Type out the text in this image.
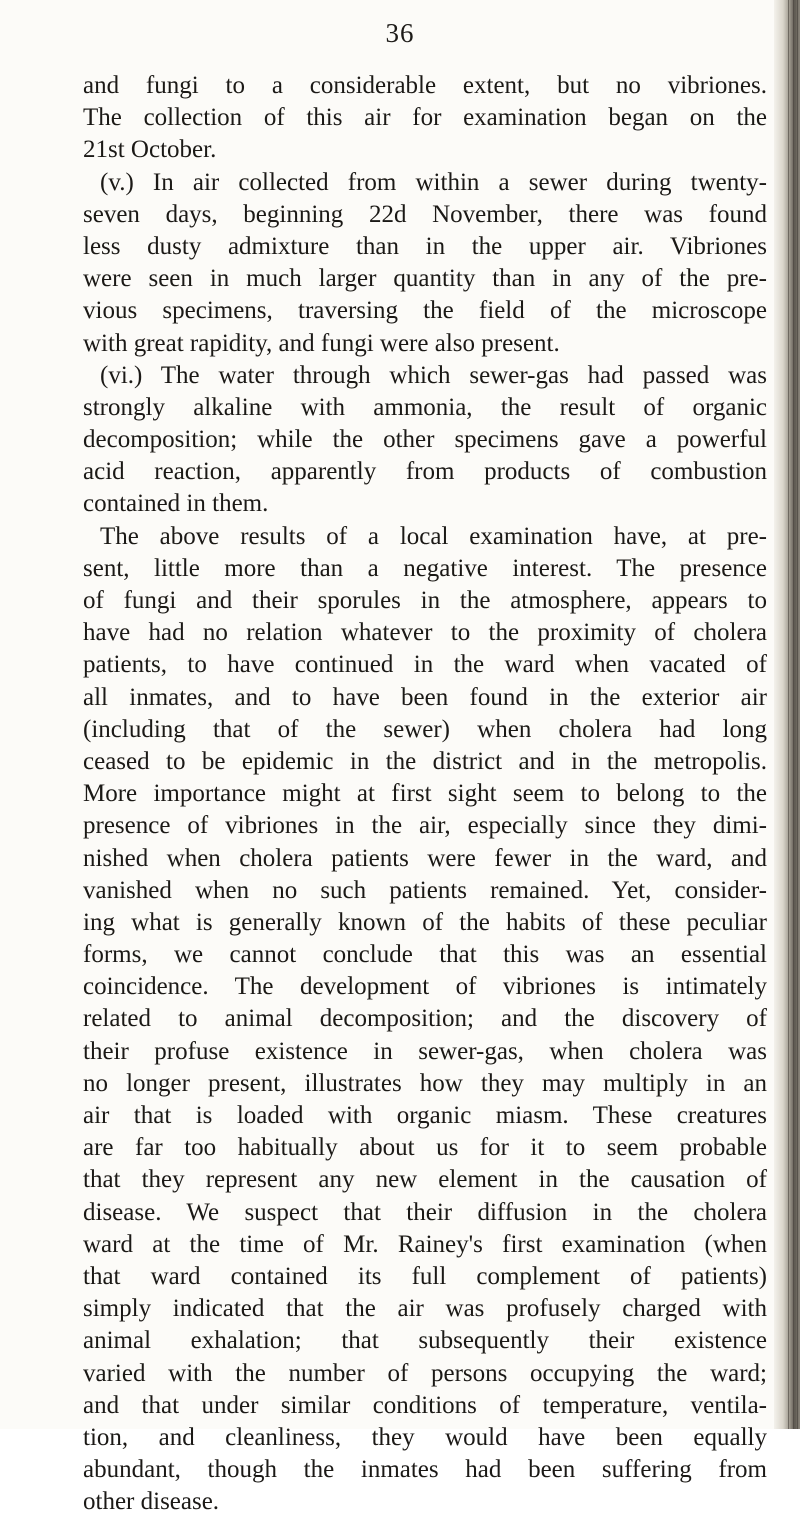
36
and fungi to a considerable extent, but no vibriones.
The collection of this air for examination began on the
21st October.
(v.) In air collected from within a sewer during twenty-
seven days, beginning 22d November, there was found
less dusty admixture than in the upper air. Vibriones
were seen in much larger quantity than in any of the pre-
vious specimens, traversing the field of the microscope
with great rapidity, and fungi were also present.
(vi.) The water through which sewer-gas had passed was
strongly alkaline with ammonia, the result of organic
decomposition; while the other specimens gave a powerful
acid reaction, apparently from products of combustion
contained in them.
The above results of a local examination have, at pre-
sent, little more than a negative interest. The presence
of fungi and their sporules in the atmosphere, appears to
have had no relation whatever to the proximity of cholera
patients, to have continued in the ward when vacated of
all inmates, and to have been found in the exterior air
(including that of the sewer) when cholera had long
ceased to be epidemic in the district and in the metropolis.
More importance might at first sight seem to belong to the
presence of vibriones in the air, especially since they dimi-
nished when cholera patients were fewer in the ward, and
vanished when no such patients remained. Yet, consider-
ing what is generally known of the habits of these peculiar
forms, we cannot conclude that this was an essential
coincidence. The development of vibriones is intimately
related to animal decomposition; and the discovery of
their profuse existence in sewer-gas, when cholera was
no longer present, illustrates how they may multiply in an
air that is loaded with organic miasm. These creatures
are far too habitually about us for it to seem probable
that they represent any new element in the causation of
disease. We suspect that their diffusion in the cholera
ward at the time of Mr. Rainey's first examination (when
that ward contained its full complement of patients)
simply indicated that the air was profusely charged with
animal exhalation; that subsequently their existence
varied with the number of persons occupying the ward;
and that under similar conditions of temperature, ventila-
tion, and cleanliness, they would have been equally
abundant, though the inmates had been suffering from
other disease.
